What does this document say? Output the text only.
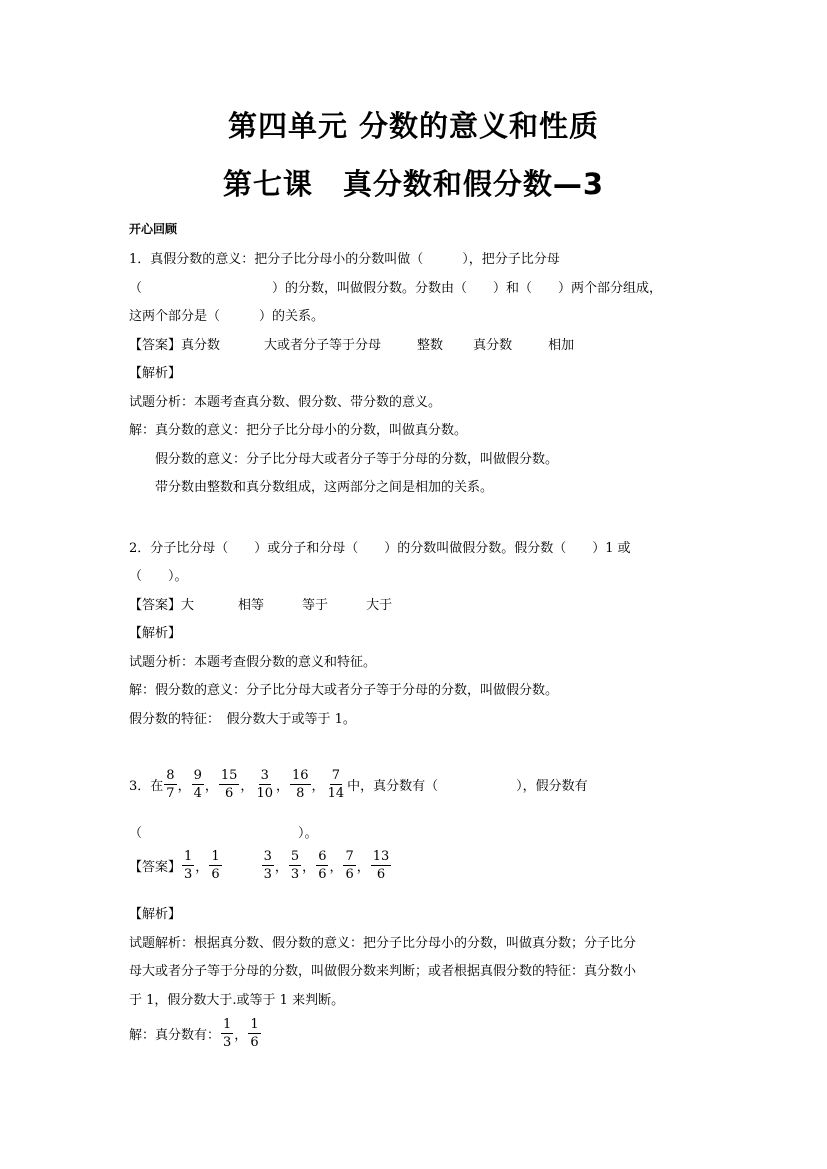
第四单元 分数的意义和性质
第七课　真分数和假分数—3
开心回顾
1．真假分数的意义：把分子比分母小的分数叫做（　　　），把分子比分母
（　　　　　　　　　　）的分数，叫做假分数。分数由（　　）和（　　）两个部分组成，
这两个部分是（　　　）的关系。
【答案】真分数	大或者分子等于分母	整数 真分数	相加
【解析】
试题分析：本题考查真分数、假分数、带分数的意义。
解：真分数的意义：把分子比分母小的分数，叫做真分数。
假分数的意义：分子比分母大或者分子等于分母的分数，叫做假分数。
带分数由整数和真分数组成，这两部分之间是相加的关系。
2．分子比分母（　　）或分子和分母（　　）的分数叫做假分数。假分数（　　）1 或
（　　）。
【答案】大	相等	等于	大于
【解析】
试题分析：本题考查假分数的意义和特征。
解：假分数的意义：分子比分母大或者分子等于分母的分数，叫做假分数。
假分数的特征：　假分数大于或等于 1。
3．在 $\frac{8}{7}$ ， $\frac{9}{4}$ ， $\frac{15}{6}$ ， $\frac{3}{10}$ ， $\frac{16}{8}$ ， $\frac{7}{14}$ 中，真分数有（　　　　　　），假分数有
（　　　　　　　　　　　　）。
【答案】 $\frac{1}{3}$ ， $\frac{1}{6}$	$\frac{3}{3}$ ， $\frac{5}{3}$ ， $\frac{6}{6}$ ， $\frac{7}{6}$ ， $\frac{13}{6}$
【解析】
试题解析：根据真分数、假分数的意义：把分子比分母小的分数，叫做真分数；分子比分
母大或者分子等于分母的分数，叫做假分数来判断；或者根据真假分数的特征：真分数小
于 1，假分数大于.或等于 1 来判断。
解：真分数有： $\frac{1}{3}$ ， $\frac{1}{6}$
